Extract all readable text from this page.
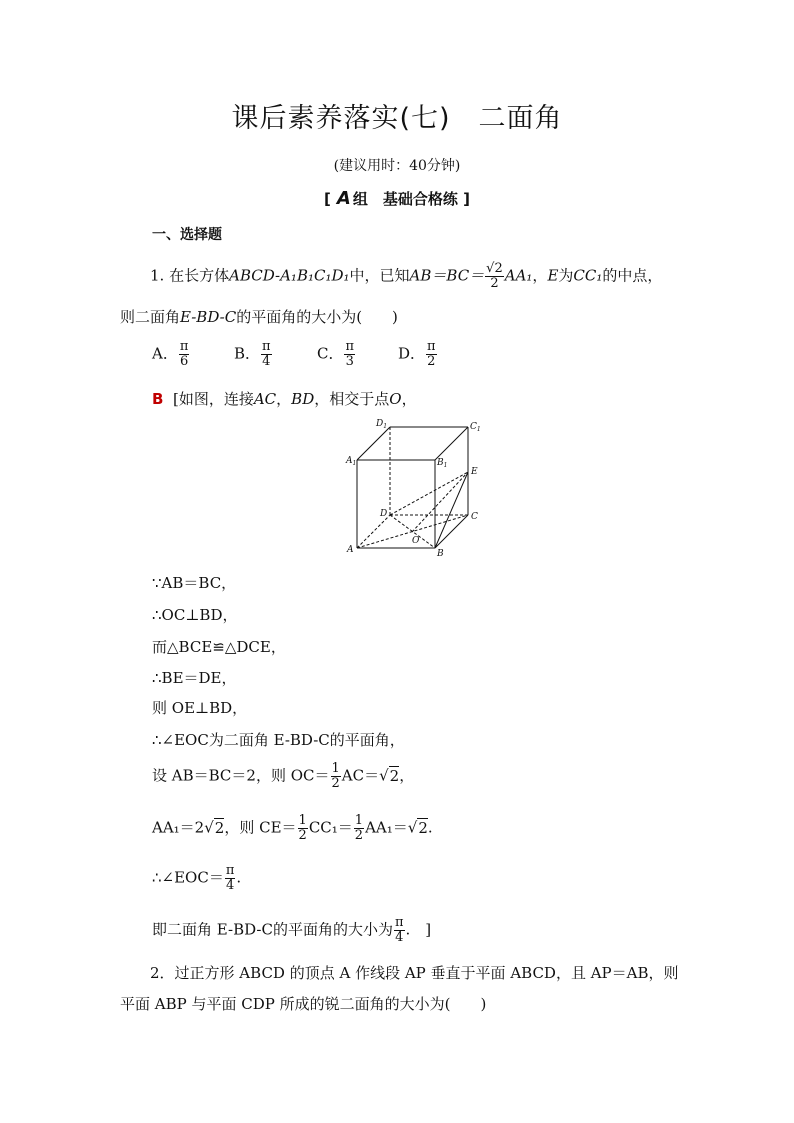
课后素养落实(七) 二面角
(建议用时：40分钟)
[ A 组　基础合格练 ]
一、选择题
1. 在长方体ABCD-A₁B₁C₁D₁中，已知$AB=BC= \frac{√2}{2} AA_1$，E为CC₁的中点，
则二面角E-BD-C的平面角的大小为(　　)
A． $\frac{\pi}{6}$	B． $\frac{\pi}{4}$	C． $\frac{\pi}{3}$	D． $\frac{\pi}{2}$
B [如图，连接AC，BD，相交于点O，
$D_1$	$C_1$
$A_1$	$B_1$
E
D	C
A	B
O
∵AB＝BC，
∴OC⊥BD，
而△BCE≌△DCE，
∴BE＝DE，
则 OE⊥BD，
∴∠EOC为二面角 E-BD-C的平面角，
设 AB＝BC＝2，则 $OC= \frac{1}{2} AC=√2$，
AA₁＝2√2，则 $CE= \frac{1}{2} CC_1= \frac{1}{2} AA_1=√2$.
∴∠EOC＝ $\frac{\pi}{4}$ .
即二面角 E-BD-C的平面角的大小为 $\frac{\pi}{4}$ .　]
2．过正方形 ABCD 的顶点 A 作线段 AP 垂直于平面 ABCD，且 AP＝AB，则
平面 ABP 与平面 CDP 所成的锐二面角的大小为(　　)
